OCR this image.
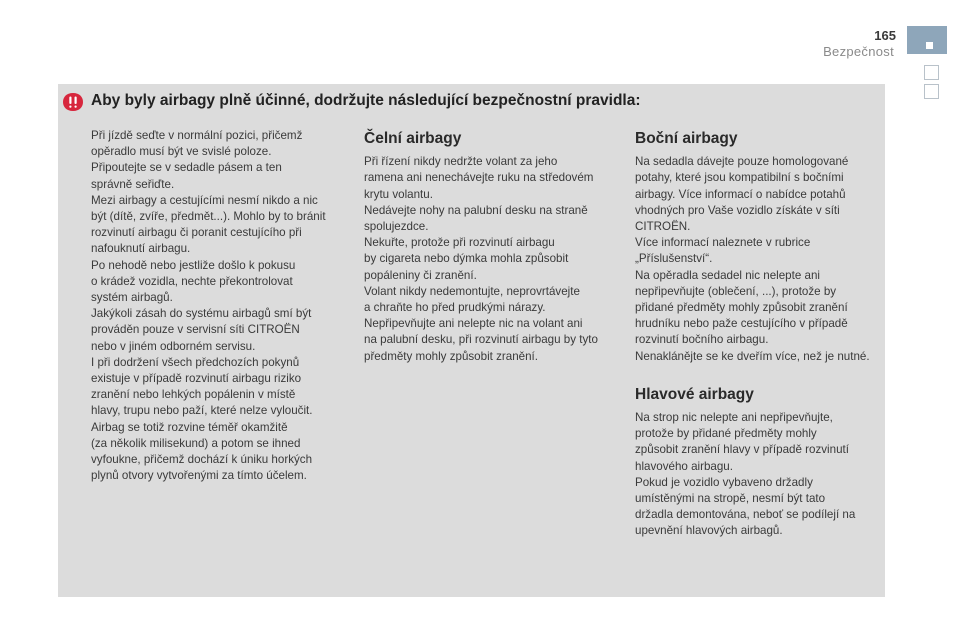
165
Bezpečnost
Aby byly airbagy plně účinné, dodržujte následující bezpečnostní pravidla:

Při jízdě seďte v normální pozici, přičemž
opěradlo musí být ve svislé poloze.
Připoutejte se v sedadle pásem a ten
správně seřiďte.
Mezi airbagy a cestujícími nesmí nikdo a nic
být (dítě, zvíře, předmět...). Mohlo by to bránit
rozvinutí airbagu či poranit cestujícího při
nafouknutí airbagu.
Po nehodě nebo jestliže došlo k pokusu
o krádež vozidla, nechte překontrolovat
systém airbagů.
Jakýkoli zásah do systému airbagů smí být
prováděn pouze v servisní síti CITROËN
nebo v jiném odborném servisu.
I při dodržení všech předchozích pokynů
existuje v případě rozvinutí airbagu riziko
zranění nebo lehkých popálenin v místě
hlavy, trupu nebo paží, které nelze vyloučit.
Airbag se totiž rozvine téměř okamžitě
(za několik milisekund) a potom se ihned
vyfoukne, přičemž dochází k úniku horkých
plynů otvory vytvořenými za tímto účelem.

Čelní airbagy

Při řízení nikdy nedržte volant za jeho
ramena ani nenechávejte ruku na středovém
krytu volantu.
Nedávejte nohy na palubní desku na straně
spolujezdce.
Nekuřte, protože při rozvinutí airbagu
by cigareta nebo dýmka mohla způsobit
popáleniny či zranění.
Volant nikdy nedemontujte, neprovrtávejte
a chraňte ho před prudkými nárazy.
Nepřipevňujte ani nelepte nic na volant ani
na palubní desku, při rozvinutí airbagu by tyto
předměty mohly způsobit zranění.

Boční airbagy

Na sedadla dávejte pouze homologované
potahy, které jsou kompatibilní s bočními
airbagy. Více informací o nabídce potahů
vhodných pro Vaše vozidlo získáte v síti
CITROËN.
Více informací naleznete v rubrice
„Příslušenství“.
Na opěradla sedadel nic nelepte ani
nepřipevňujte (oblečení, ...), protože by
přidané předměty mohly způsobit zranění
hrudníku nebo paže cestujícího v případě
rozvinutí bočního airbagu.
Nenaklánějte se ke dveřím více, než je nutné.

Hlavové airbagy

Na strop nic nelepte ani nepřipevňujte,
protože by přidané předměty mohly
způsobit zranění hlavy v případě rozvinutí
hlavového airbagu.
Pokud je vozidlo vybaveno držadly
umístěnými na stropě, nesmí být tato
držadla demontována, neboť se podílejí na
upevnění hlavových airbagů.
